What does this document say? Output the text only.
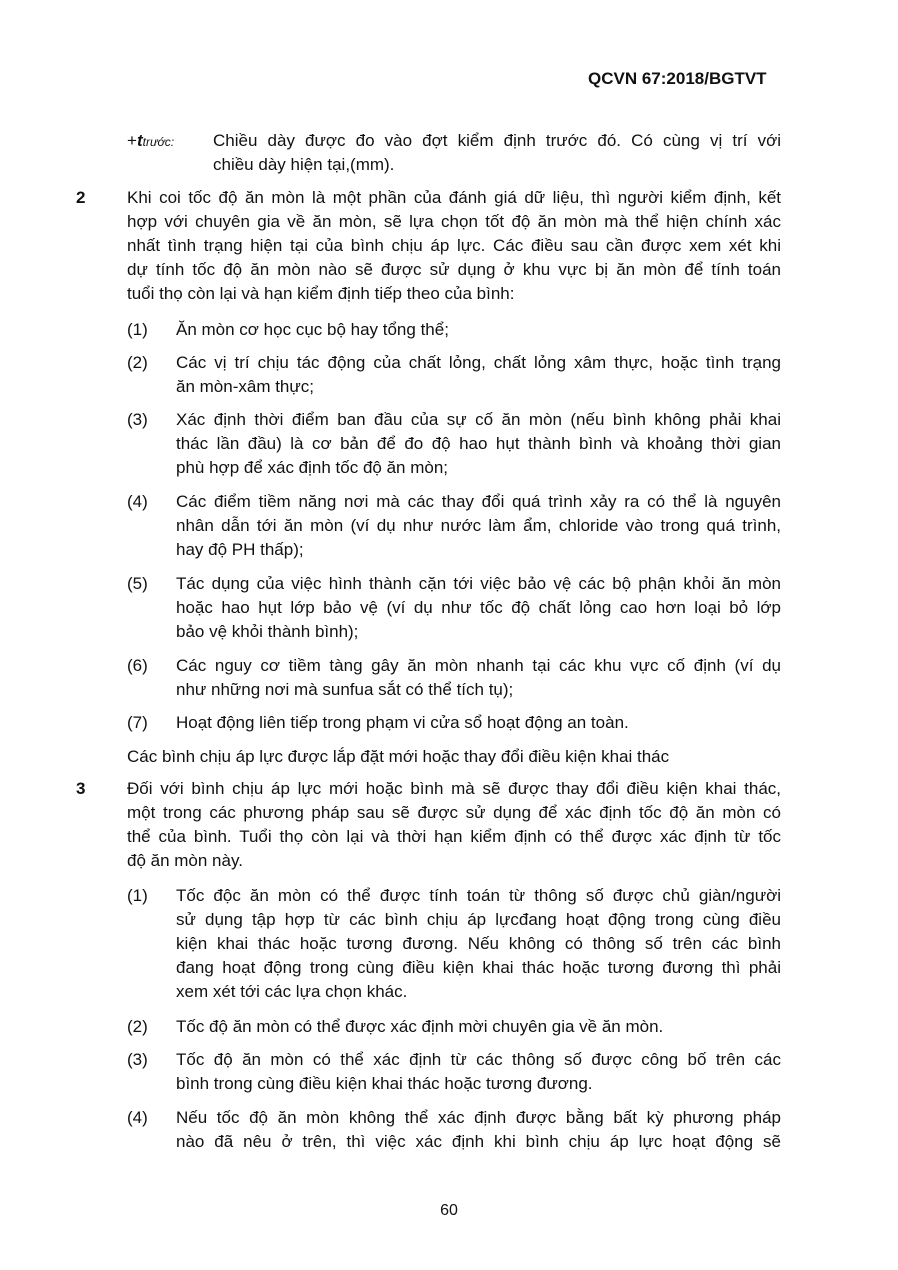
QCVN 67:2018/BGTVT
+ttrước: Chiều dày được đo vào đợt kiểm định trước đó. Có cùng vị trí với
chiều dày hiện tại,(mm).
2 Khi coi tốc độ ăn mòn là một phần của đánh giá dữ liệu, thì người kiểm định, kết
hợp với chuyên gia về ăn mòn, sẽ lựa chọn tốt độ ăn mòn mà thể hiện chính xác
nhất tình trạng hiện tại của bình chịu áp lực. Các điều sau cần được xem xét khi
dự tính tốc độ ăn mòn nào sẽ được sử dụng ở khu vực bị ăn mòn để tính toán
tuổi thọ còn lại và hạn kiểm định tiếp theo của bình:
(1) Ăn mòn cơ học cục bộ hay tổng thể;
(2) Các vị trí chịu tác động của chất lỏng, chất lỏng xâm thực, hoặc tình trạng
ăn mòn-xâm thực;
(3) Xác định thời điểm ban đầu của sự cố ăn mòn (nếu bình không phải khai
thác lần đầu) là cơ bản để đo độ hao hụt thành bình và khoảng thời gian
phù hợp để xác định tốc độ ăn mòn;
(4) Các điểm tiềm năng nơi mà các thay đổi quá trình xảy ra có thể là nguyên
nhân dẫn tới ăn mòn (ví dụ như nước làm ẩm, chloride vào trong quá trình,
hay độ PH thấp);
(5) Tác dụng của việc hình thành cặn tới việc bảo vệ các bộ phận khỏi ăn mòn
hoặc hao hụt lớp bảo vệ (ví dụ như tốc độ chất lỏng cao hơn loại bỏ lớp
bảo vệ khỏi thành bình);
(6) Các nguy cơ tiềm tàng gây ăn mòn nhanh tại các khu vực cố định (ví dụ
như những nơi mà sunfua sắt có thể tích tụ);
(7) Hoạt động liên tiếp trong phạm vi cửa sổ hoạt động an toàn.
Các bình chịu áp lực được lắp đặt mới hoặc thay đổi điều kiện khai thác
3 Đối với bình chịu áp lực mới hoặc bình mà sẽ được thay đổi điều kiện khai thác,
một trong các phương pháp sau sẽ được sử dụng để xác định tốc độ ăn mòn có
thể của bình. Tuổi thọ còn lại và thời hạn kiểm định có thể được xác định từ tốc
độ ăn mòn này.
(1) Tốc độc ăn mòn có thể được tính toán từ thông số được chủ giàn/người
sử dụng tập hợp từ các bình chịu áp lựcđang hoạt động trong cùng điều
kiện khai thác hoặc tương đương. Nếu không có thông số trên các bình
đang hoạt động trong cùng điều kiện khai thác hoặc tương đương thì phải
xem xét tới các lựa chọn khác.
(2) Tốc độ ăn mòn có thể được xác định mời chuyên gia về ăn mòn.
(3) Tốc độ ăn mòn có thể xác định từ các thông số được công bố trên các
bình trong cùng điều kiện khai thác hoặc tương đương.
(4) Nếu tốc độ ăn mòn không thể xác định được bằng bất kỳ phương pháp
nào đã nêu ở trên, thì việc xác định khi bình chịu áp lực hoạt động sẽ
60
